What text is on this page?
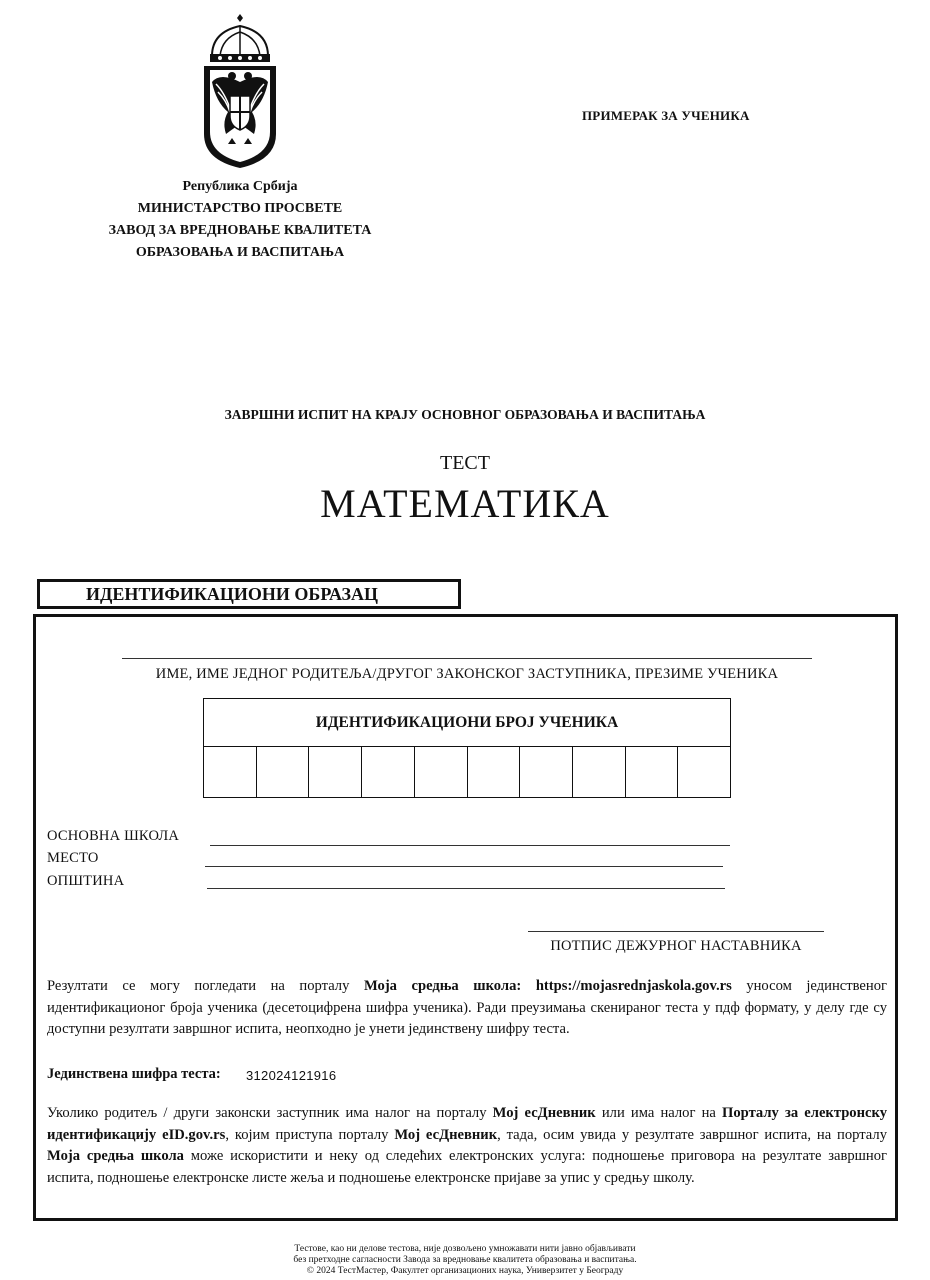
Република Србија
МИНИСТАРСТВО ПРОСВЕТЕ
ЗАВОД ЗА ВРЕДНОВАЊЕ КВАЛИТЕТА
ОБРАЗОВАЊА И ВАСПИТАЊА
ПРИМЕРАК ЗА УЧЕНИКА
ЗАВРШНИ ИСПИТ НА КРАЈУ ОСНОВНОГ ОБРАЗОВАЊА И ВАСПИТАЊА
ТЕСТ
МАТЕМАТИКА
ИДЕНТИФИКАЦИОНИ ОБРАЗАЦ
ИМЕ, ИМЕ ЈЕДНОГ РОДИТЕЉА/ДРУГОГ ЗАКОНСКОГ ЗАСТУПНИКА, ПРЕЗИМЕ УЧЕНИКА
ИДЕНТИФИКАЦИОНИ БРОЈ УЧЕНИКА
ОСНОВНА ШКОЛА
МЕСТО
ОПШТИНА
ПОТПИС ДЕЖУРНОГ НАСТАВНИКА
Резултати се могу погледати на порталу Моја средња школа: https://mojasrednjaskola.gov.rs уносом јединственог идентификационог броја ученика (десетоцифрена шифра ученика). Ради преузимања скенираног теста у пдф формату, у делу где су доступни резултати завршног испита, неопходно је унети јединствену шифру теста.
Јединствена шифра теста: 312024121916
Уколико родитељ / други законски заступник има налог на порталу Мој есДневник или има налог на Порталу за електронску идентификацију eID.gov.rs, којим приступа порталу Мој есДневник, тада, осим увида у резултате завршног испита, на порталу Моја средња школа може искористити и неку од следећих електронских услуга: подношење приговора на резултате завршног испита, подношење електронске листе жеља и подношење електронске пријаве за упис у средњу школу.
Тестове, као ни делове тестова, није дозвољено умножавати нити јавно објављивати
без претходне сагласности Завода за вредновање квалитета образовања и васпитања.
© 2024 ТестМастер, Факултет организационих наука, Универзитет у Београду
